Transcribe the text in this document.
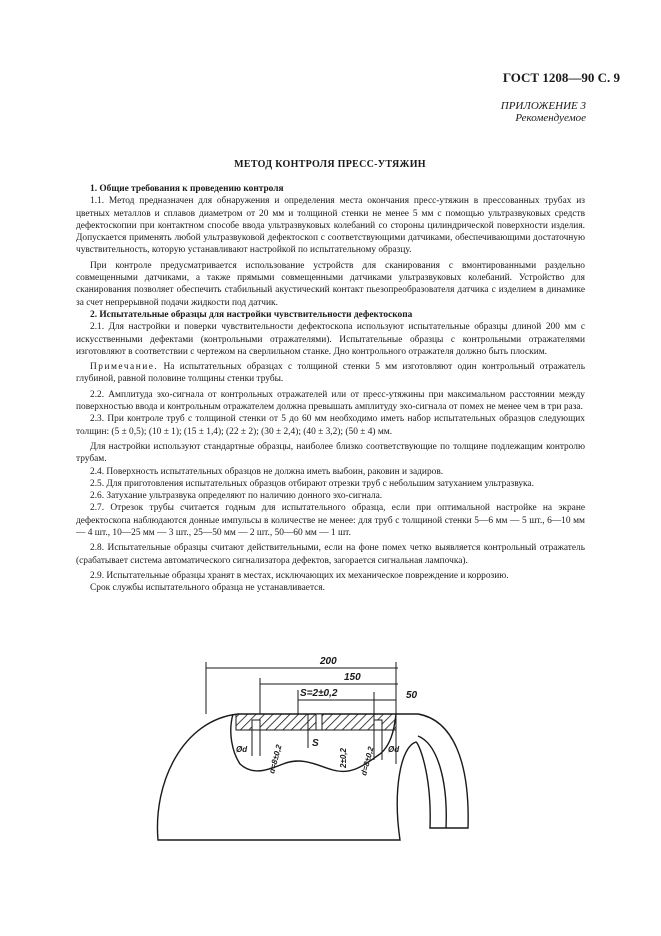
ГОСТ 1208—90 С. 9
ПРИЛОЖЕНИЕ 3
Рекомендуемое
МЕТОД КОНТРОЛЯ ПРЕСС-УТЯЖИН

1. Общие требования к проведению контроля

1.1. Метод предназначен для обнаружения и определения места окончания пресс-утяжин в прессованных трубах из цветных металлов и сплавов диаметром от 20 мм и толщиной стенки не менее 5 мм с помощью ультразвуковых средств дефектоскопии при контактном способе ввода ультразвуковых колебаний со стороны цилиндрической поверхности изделия. Допускается применять любой ультразвуковой дефектоскоп с соответствующими датчиками, обеспечивающими достаточную чувствительность, которую устанавливают настройкой по испытательному образцу.

При контроле предусматривается использование устройств для сканирования с вмонтированными раздельно совмещенными датчиками, а также прямыми совмещенными датчиками ультразвуковых колебаний. Устройство для сканирования позволяет обеспечить стабильный акустический контакт пьезопреобразователя датчика с изделием в динамике за счет непрерывной подачи жидкости под датчик.

2. Испытательные образцы для настройки чувствительности дефектоскопа

2.1. Для настройки и поверки чувствительности дефектоскопа используют испытательные образцы длиной 200 мм с искусственными дефектами (контрольными отражателями). Испытательные образцы с контрольными отражателями изготовляют в соответствии с чертежом на сверлильном станке. Дно контрольного отражателя должно быть плоским.

Примечание. На испытательных образцах с толщиной стенки 5 мм изготовляют один контрольный отражатель глубиной, равной половине толщины стенки трубы.

2.2. Амплитуда эхо-сигнала от контрольных отражателей или от пресс-утяжины при максимальном расстоянии между поверхностью ввода и контрольным отражателем должна превышать амплитуду эхо-сигнала от помех не менее чем в три раза.

2.3. При контроле труб с толщиной стенки от 5 до 60 мм необходимо иметь набор испытательных образцов следующих толщин: (5 ± 0,5); (10 ± 1); (15 ± 1,4); (22 ± 2); (30 ± 2,4); (40 ± 3,2); (50 ± 4) мм.

Для настройки используют стандартные образцы, наиболее близко соответствующие по толщине подлежащим контролю трубам.

2.4. Поверхность испытательных образцов не должна иметь выбоин, раковин и задиров.

2.5. Для приготовления испытательных образцов отбирают отрезки труб с небольшим затуханием ультразвука.

2.6. Затухание ультразвука определяют по наличию донного эхо-сигнала.

2.7. Отрезок трубы считается годным для испытательного образца, если при оптимальной настройке на экране дефектоскопа наблюдаются донные импульсы в количестве не менее: для труб с толщиной стенки 5—6 мм — 5 шт., 6—10 мм — 4 шт., 10—25 мм — 3 шт., 25—50 мм — 2 шт., 50—60 мм — 1 шт.

2.8. Испытательные образцы считают действительными, если на фоне помех четко выявляется контрольный отражатель (срабатывает система автоматического сигнализатора дефектов, загорается сигнальная лампочка).

2.9. Испытательные образцы хранят в местах, исключающих их механическое повреждение и коррозию.

Срок службы испытательного образца не устанавливается.

200
150
S=2±0,2	50
S
Ød	Ød
d=8±0,2	2±0,2 d=8±0,2
